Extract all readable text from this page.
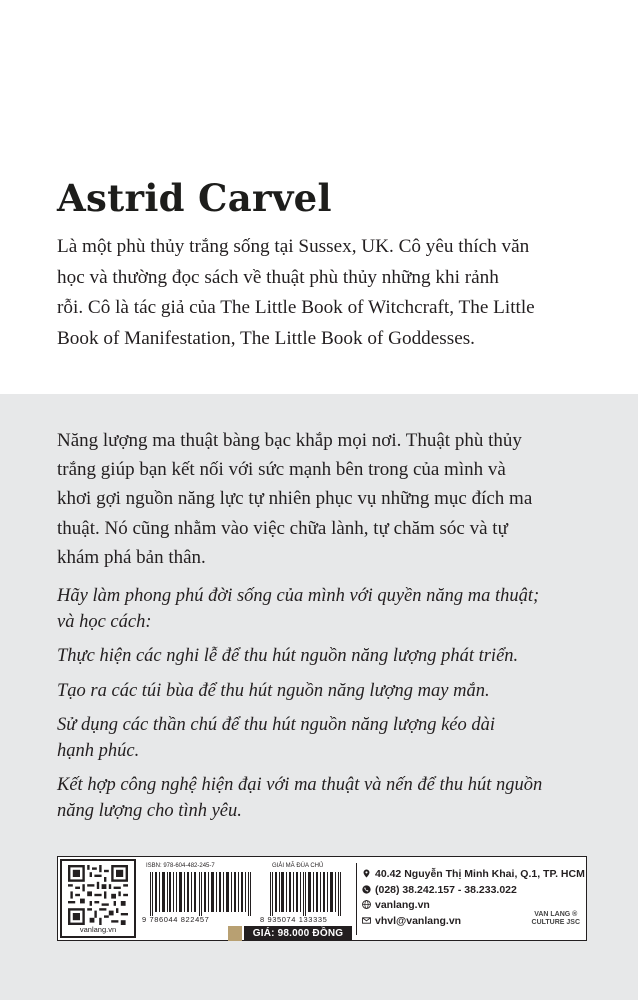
Astrid Carvel
Là một phù thủy trắng sống tại Sussex, UK. Cô yêu thích văn
học và thường đọc sách về thuật phù thủy những khi rảnh
rỗi. Cô là tác giả của The Little Book of Witchcraft, The Little
Book of Manifestation, The Little Book of Goddesses.
Năng lượng ma thuật bàng bạc khắp mọi nơi. Thuật phù thủy
trắng giúp bạn kết nối với sức mạnh bên trong của mình và
khơi gợi nguồn năng lực tự nhiên phục vụ những mục đích ma
thuật. Nó cũng nhằm vào việc chữa lành, tự chăm sóc và tự
khám phá bản thân.

Hãy làm phong phú đời sống của mình với quyền năng ma thuật;
và học cách:

Thực hiện các nghi lễ để thu hút nguồn năng lượng phát triển.

Tạo ra các túi bùa để thu hút nguồn năng lượng may mắn.

Sử dụng các thần chú để thu hút nguồn năng lượng kéo dài
hạnh phúc.

Kết hợp công nghệ hiện đại với ma thuật và nến để thu hút nguồn
năng lượng cho tình yêu.

vanlang.vn
ISBN: 978-604-482-245-7	GIẢI MÃ ĐÚA CHỦ
9 786044 822457	8 935074 133335
GIÁ: 98.000 ĐỒNG
40.42 Nguyễn Thị Minh Khai, Q.1, TP. HCM
(028) 38.242.157 - 38.233.022
vanlang.vn
vhvl@vanlang.vn	VAN LANG ®
CULTURE JSC
